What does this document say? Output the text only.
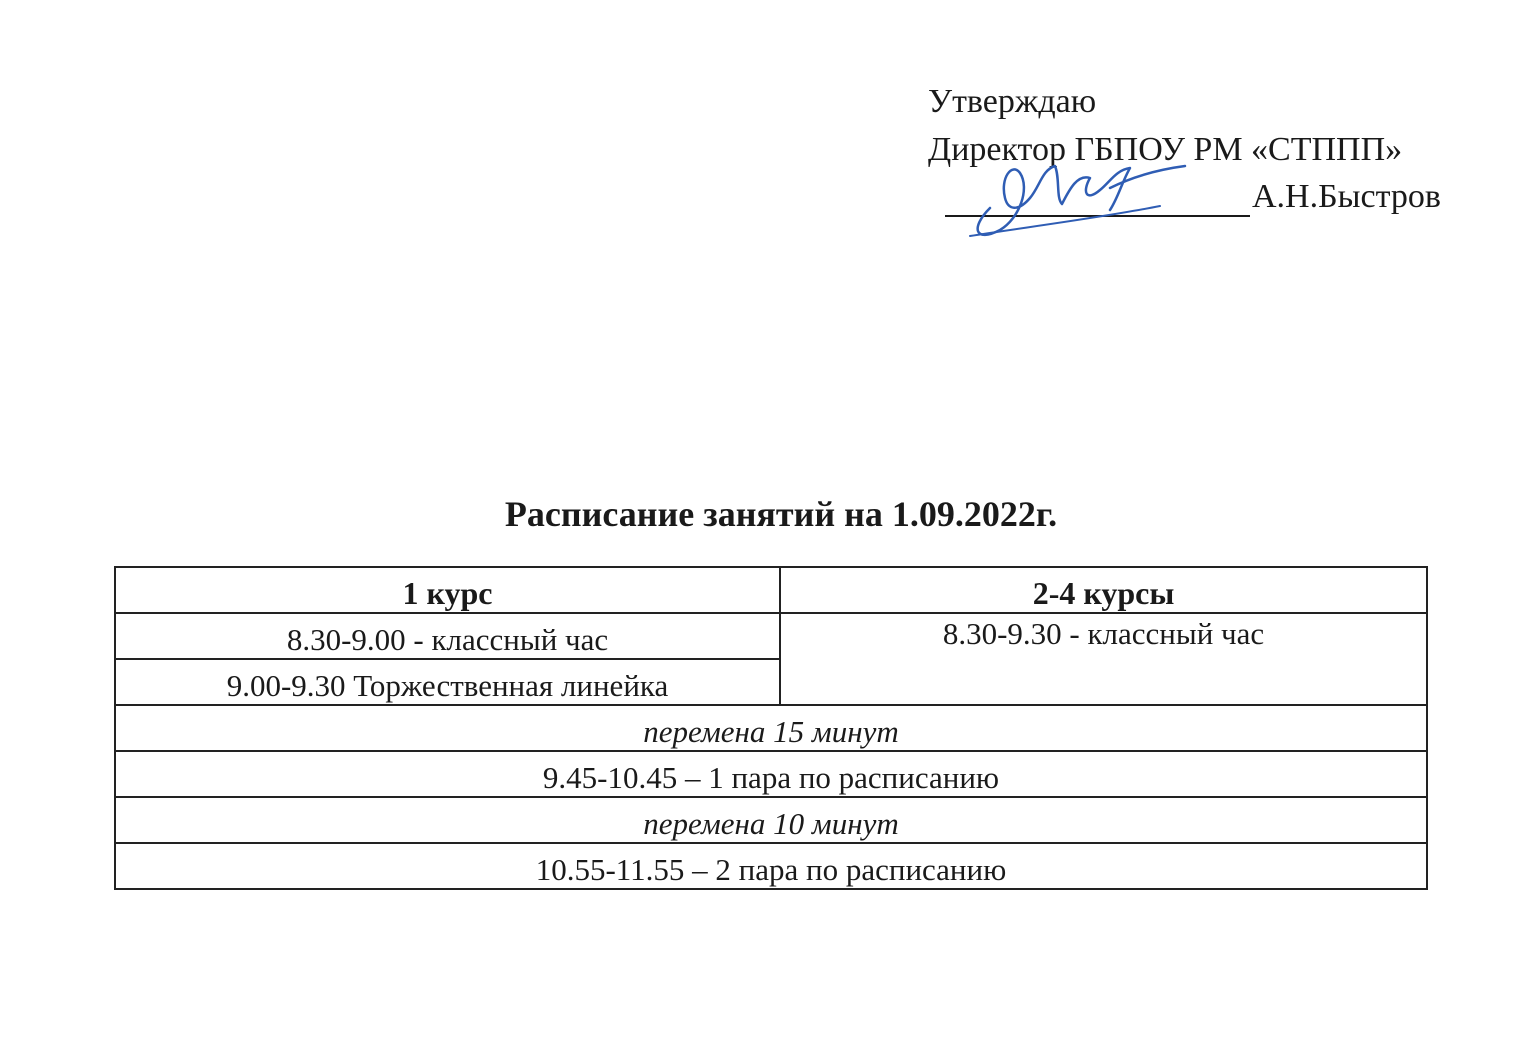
Утверждаю
Директор ГБПОУ РМ «СТППП»
А.Н.Быстров
Расписание занятий на 1.09.2022г.
1 курс	2-4 курсы
8.30-9.00 - классный час	8.30-9.30 - классный час
9.00-9.30 Торжественная линейка	
перемена 15 минут	
9.45-10.45 – 1 пара по расписанию	
перемена 10 минут	
10.55-11.55 – 2 пара по расписанию	
